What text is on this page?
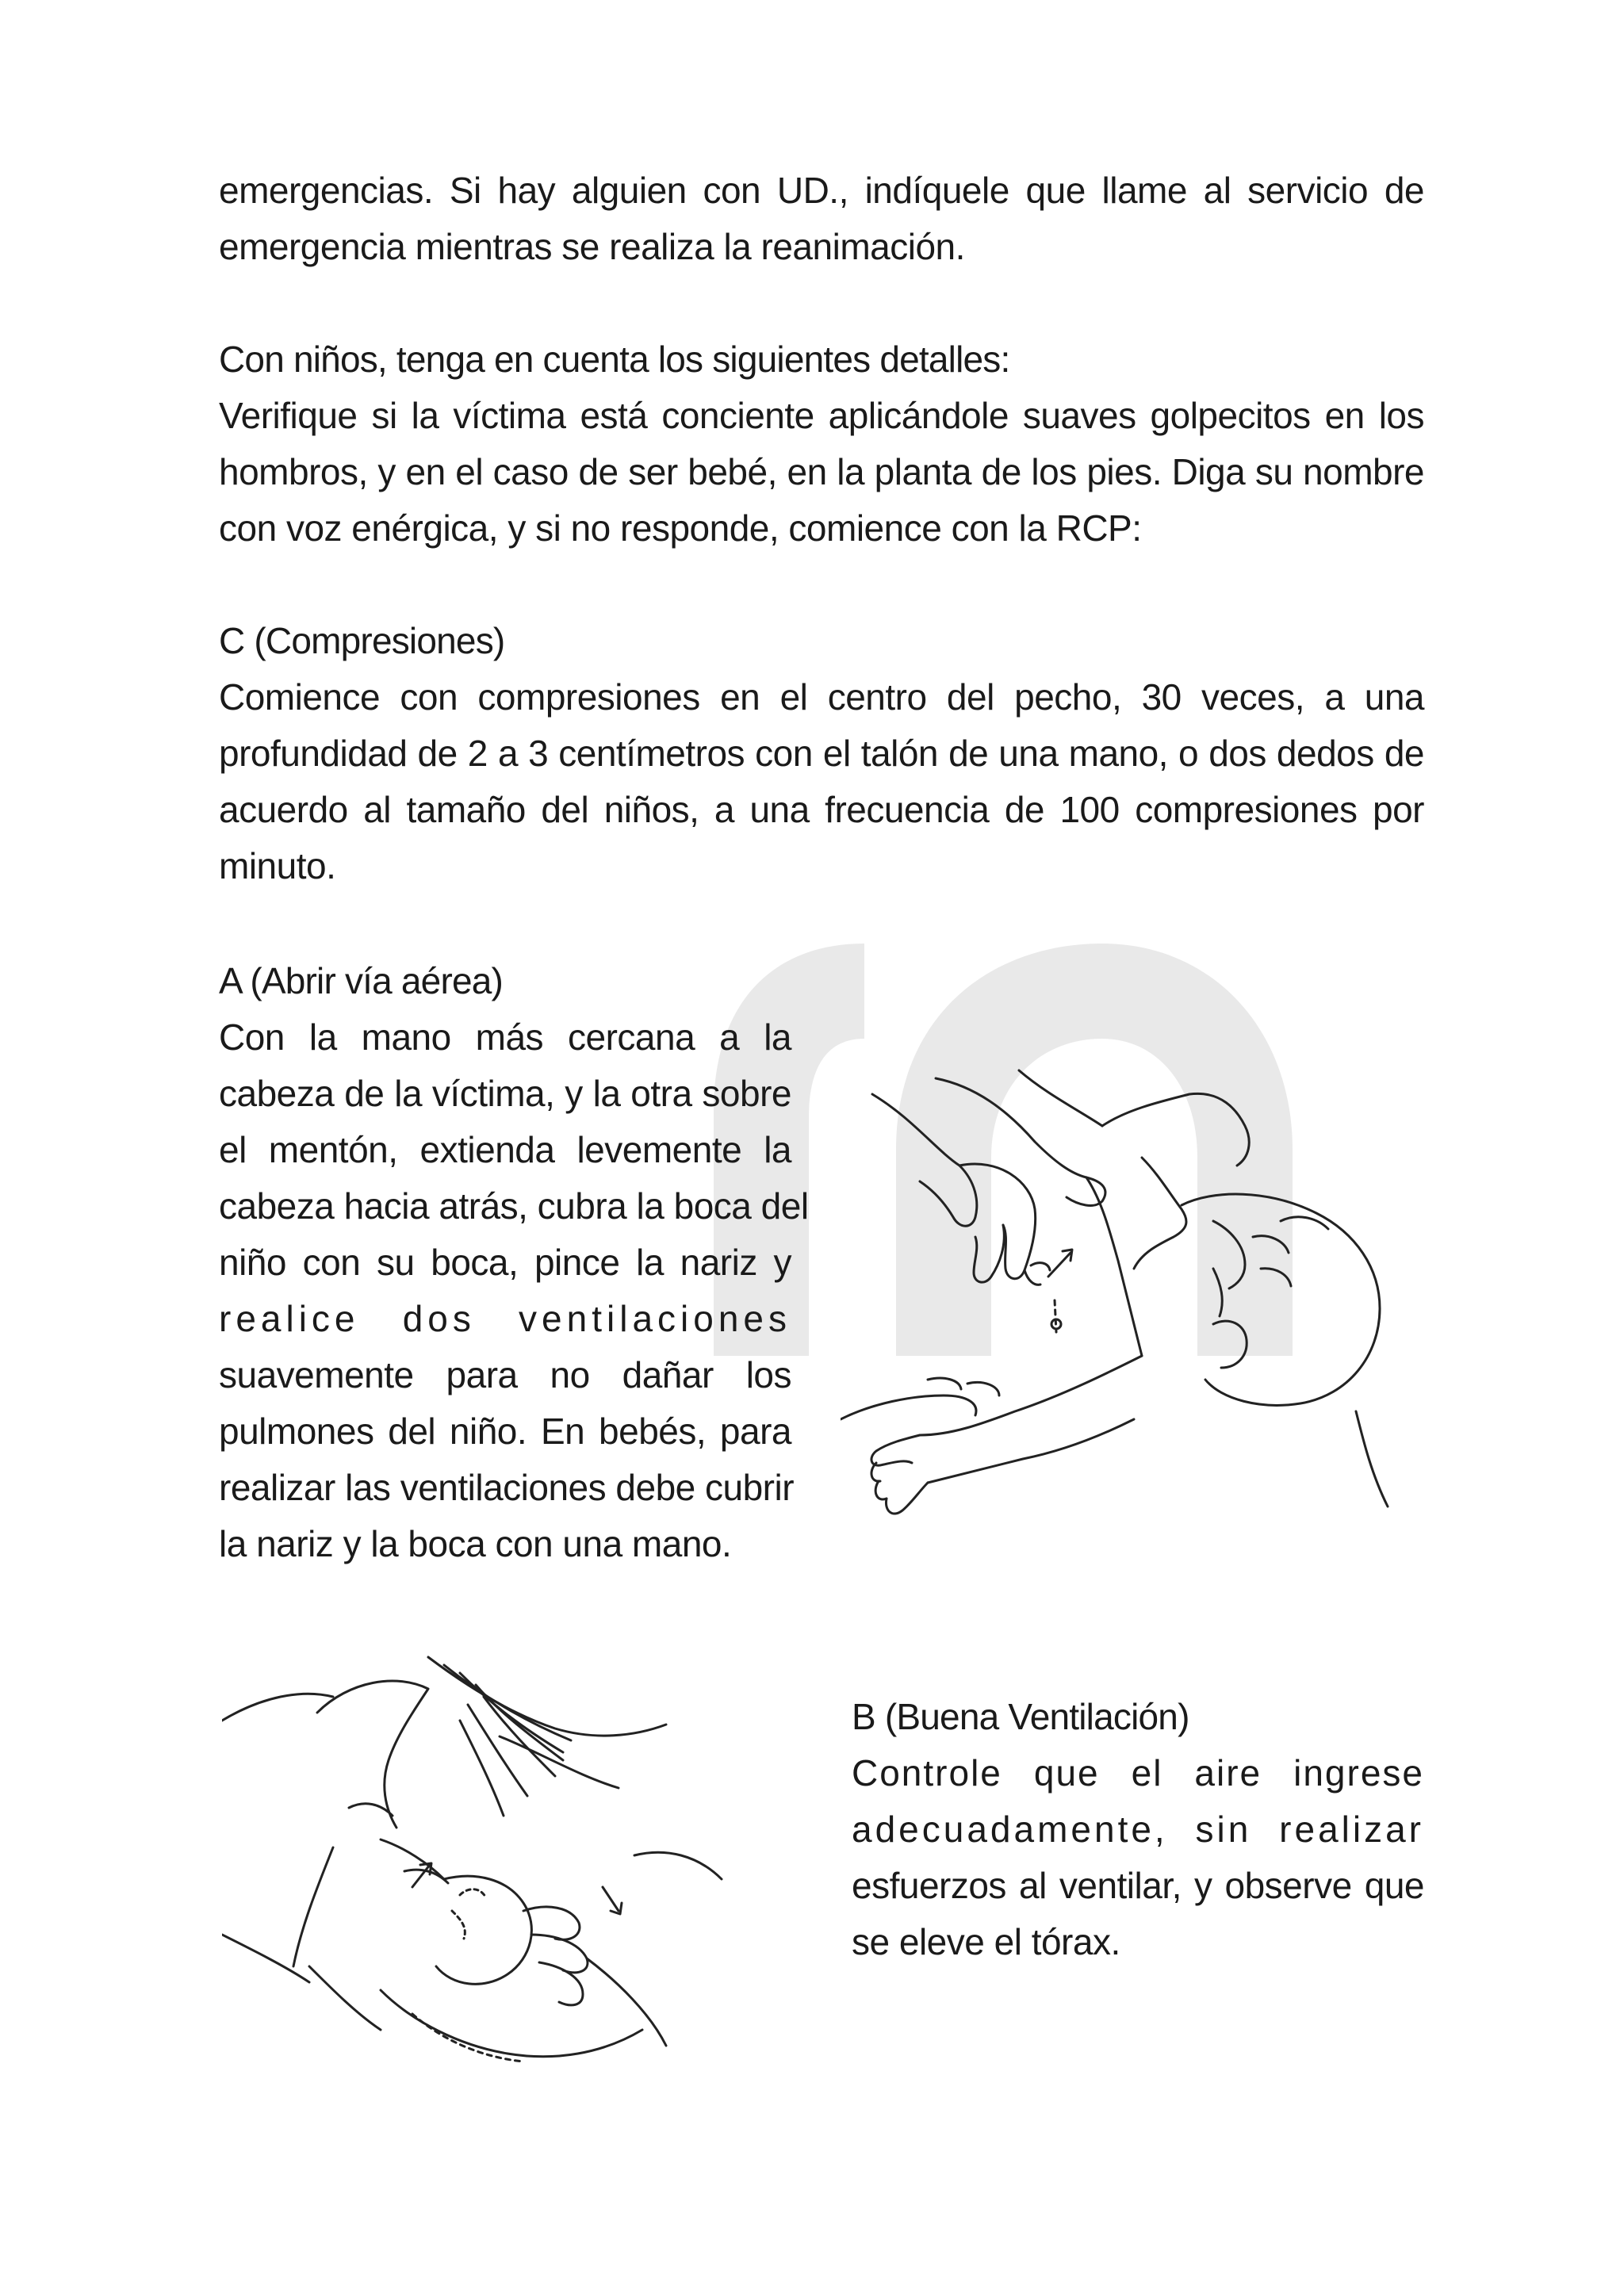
emergencias. Si hay alguien con UD., indíquele que llame al servicio de
emergencia mientras se realiza la reanimación.
Con niños, tenga en cuenta los siguientes detalles:
Verifique si la víctima está conciente aplicándole suaves golpecitos en los
hombros, y en el caso de ser bebé, en la planta de los pies. Diga su nombre
con voz enérgica, y si no responde, comience con la RCP:
C (Compresiones)
Comience con compresiones en el centro del pecho, 30 veces, a una
profundidad de 2 a 3 centímetros con el talón de una mano, o dos dedos de
acuerdo al tamaño del niños, a una frecuencia de 100 compresiones por
minuto.
A (Abrir vía aérea)
Con la mano más cercana a la
cabeza de la víctima, y la otra sobre
el mentón, extienda levemente la
cabeza hacia atrás, cubra la boca del
niño con su boca, pince la nariz y
realice dos ventilaciones
suavemente para no dañar los
pulmones del niño. En bebés, para
realizar las ventilaciones debe cubrir
la nariz y la boca con una mano.
B (Buena Ventilación)
Controle que el aire ingrese
adecuadamente, sin realizar
esfuerzos al ventilar, y observe que
se eleve el tórax.
